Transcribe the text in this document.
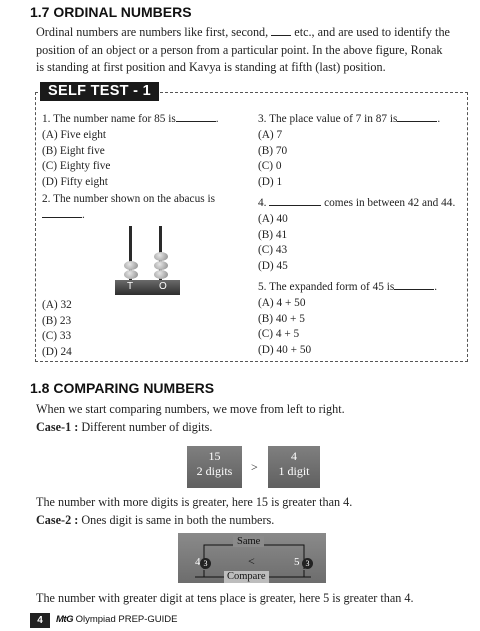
1.7 ORDINAL NUMBERS
Ordinal numbers are numbers like first, second, etc., and are used to identify the
position of an object or a person from a particular point. In the above figure, Ronak
is standing at first position and Kavya is standing at fifth (last) position.
SELF TEST - 1
1. The number name for 85 is	.
(A) Five eight
(B) Eight five
(C) Eighty five
(D) Fifty eight
2. The number shown on the abacus is
.
T	O
(A) 32
(B) 23
(C) 33
(D) 24
3. The place value of 7 in 87 is	.
(A) 7
(B) 70
(C) 0
(D) 1
4.	comes in between 42 and 44.
(A) 40
(B) 41
(C) 43
(D) 45
5. The expanded form of 45 is	.
(A) 4 + 50
(B) 40 + 5
(C) 4 + 5
(D) 40 + 50
1.8 COMPARING NUMBERS
When we start comparing numbers, we move from left to right.
Case-1 : Different number of digits.
15
2 digits	>
4
1 digit
The number with more digits is greater, here 15 is greater than 4.
Case-2 : Ones digit is same in both the numbers.
Same
4 3	<	5 3
Compare
The number with greater digit at tens place is greater, here 5 is greater than 4.
4	MtG Olympiad PREP-GUIDE
